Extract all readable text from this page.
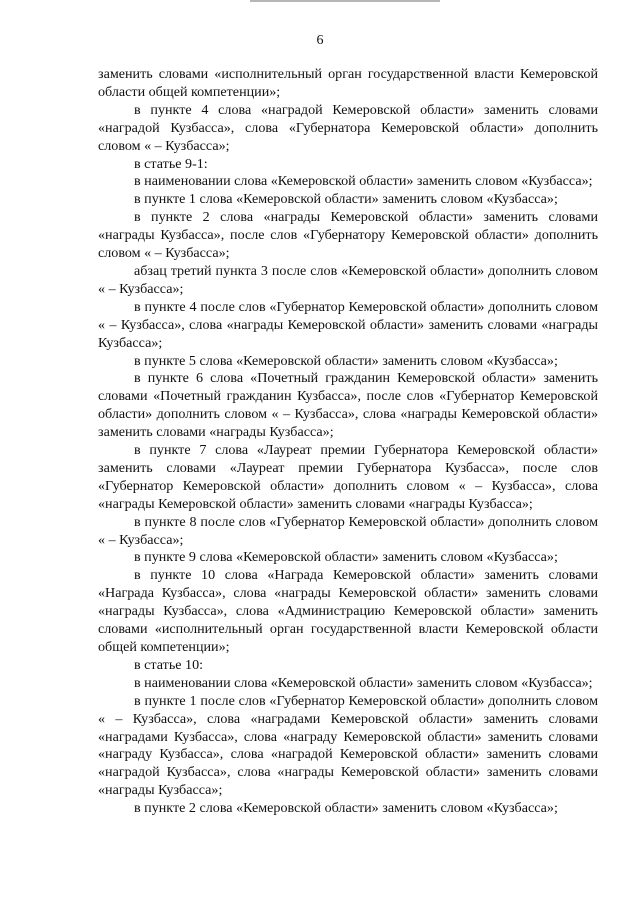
6

заменить словами «исполнительный орган государственной власти Кемеровской области общей компетенции»;

в пункте 4 слова «наградой Кемеровской области» заменить словами «наградой Кузбасса», слова «Губернатора Кемеровской области» дополнить словом « – Кузбасса»;

в статье 9-1:

в наименовании слова «Кемеровской области» заменить словом «Кузбасса»;

в пункте 1 слова «Кемеровской области» заменить словом «Кузбасса»;

в пункте 2 слова «награды Кемеровской области» заменить словами «награды Кузбасса», после слов «Губернатору Кемеровской области» дополнить словом « – Кузбасса»;

абзац третий пункта 3 после слов «Кемеровской области» дополнить словом « – Кузбасса»;

в пункте 4 после слов «Губернатор Кемеровской области» дополнить словом « – Кузбасса», слова «награды Кемеровской области» заменить словами «награды Кузбасса»;

в пункте 5 слова «Кемеровской области» заменить словом «Кузбасса»;

в пункте 6 слова «Почетный гражданин Кемеровской области» заменить словами «Почетный гражданин Кузбасса», после слов «Губернатор Кемеровской области» дополнить словом « – Кузбасса», слова «награды Кемеровской области» заменить словами «награды Кузбасса»;

в пункте 7 слова «Лауреат премии Губернатора Кемеровской области» заменить словами «Лауреат премии Губернатора Кузбасса», после слов «Губернатор Кемеровской области» дополнить словом « – Кузбасса», слова «награды Кемеровской области» заменить словами «награды Кузбасса»;

в пункте 8 после слов «Губернатор Кемеровской области» дополнить словом « – Кузбасса»;

в пункте 9 слова «Кемеровской области» заменить словом «Кузбасса»;

в пункте 10 слова «Награда Кемеровской области» заменить словами «Награда Кузбасса», слова «награды Кемеровской области» заменить словами «награды Кузбасса», слова «Администрацию Кемеровской области» заменить словами «исполнительный орган государственной власти Кемеровской области общей компетенции»;

в статье 10:

в наименовании слова «Кемеровской области» заменить словом «Кузбасса»;

в пункте 1 после слов «Губернатор Кемеровской области» дополнить словом « – Кузбасса», слова «наградами Кемеровской области» заменить словами «наградами Кузбасса», слова «награду Кемеровской области» заменить словами «награду Кузбасса», слова «наградой Кемеровской области» заменить словами «наградой Кузбасса», слова «награды Кемеровской области» заменить словами «награды Кузбасса»;

в пункте 2 слова «Кемеровской области» заменить словом «Кузбасса»;
